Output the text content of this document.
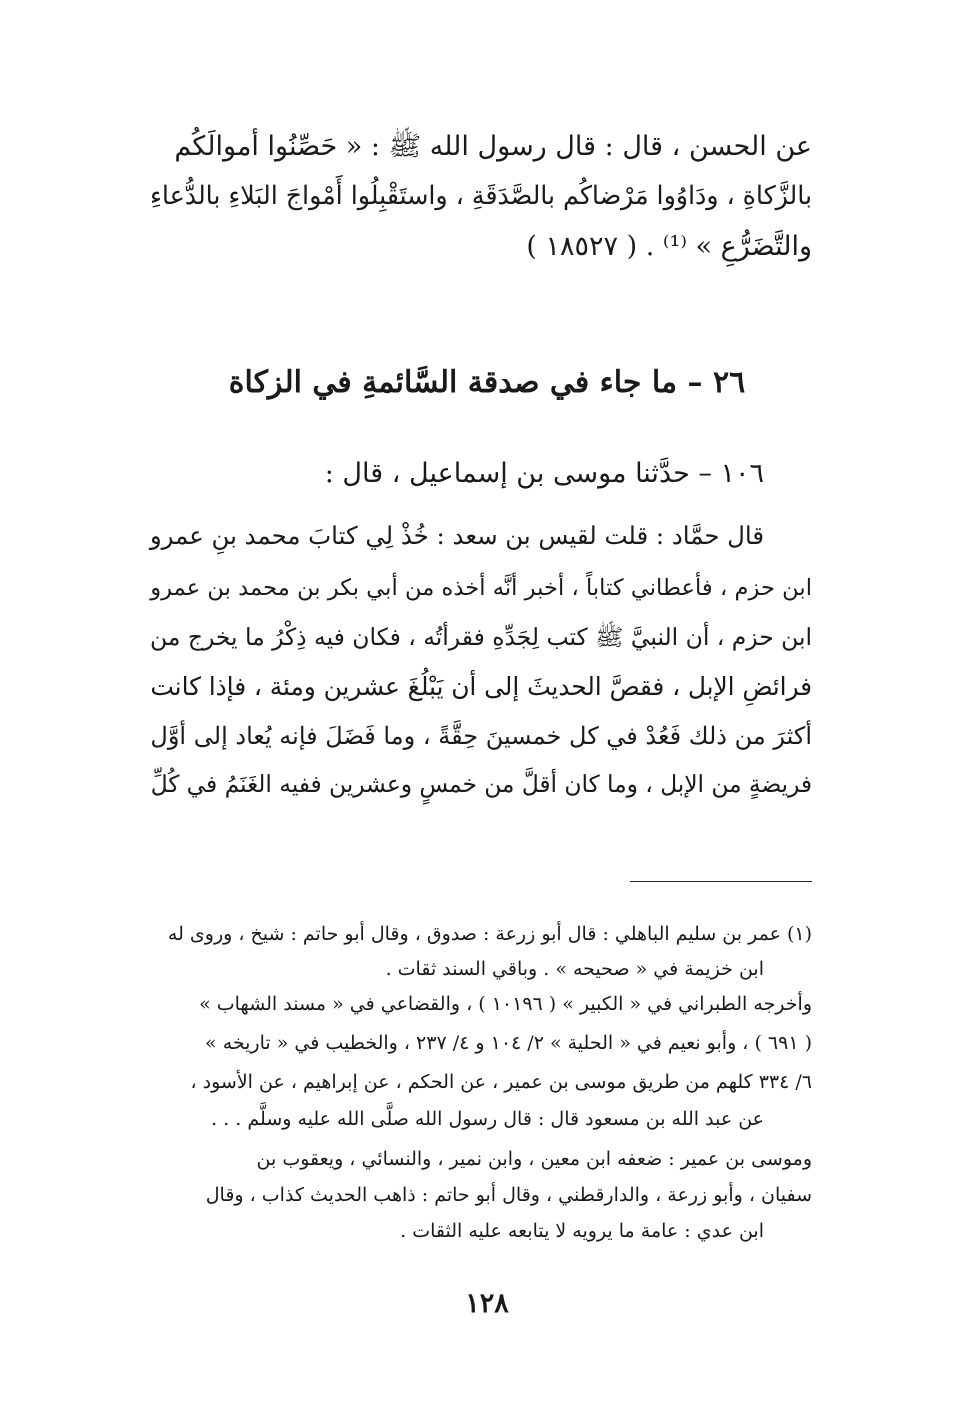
عن الحسن ، قال : قال رسول الله ﷺ : « حَصِّنُوا أموالَكُم
بالزَّكاةِ ، ودَاوُوا مَرْضاكُم بالصَّدَقَةِ ، واستَقْبِلُوا أَمْواجَ البَلاءِ بالدُّعاءِ
والتَّضَرُّعِ » ⁽¹⁾ . ( ١٨٥٢٧ )
٢٦ – ما جاء في صدقة السَّائمةِ في الزكاة
١٠٦ – حدَّثنا موسى بن إسماعيل ، قال :
قال حمَّاد : قلت لقيس بن سعد : خُذْ لِي كتابَ محمد بنِ عمرو
ابن حزم ، فأعطاني كتاباً ، أخبر أنَّه أخذه من أبي بكر بن محمد بن عمرو
ابن حزم ، أن النبيَّ ﷺ كتب لِجَدِّهِ فقرأتُه ، فكان فيه ذِكْرُ ما يخرج من
فرائضِ الإبل ، فقصَّ الحديثَ إلى أن يَبْلُغَ عشرين ومئة ، فإذا كانت
أكثرَ من ذلك فَعُدْ في كل خمسينَ حِقَّةً ، وما فَضَلَ فإنه يُعاد إلى أوَّل
فريضةٍ من الإبل ، وما كان أقلَّ من خمسٍ وعشرين ففيه الغَنَمُ في كُلِّ
(١) عمر بن سليم الباهلي : قال أبو زرعة : صدوق ، وقال أبو حاتم : شيخ ، وروى له
ابن خزيمة في « صحيحه » . وباقي السند ثقات .
وأخرجه الطبراني في « الكبير » ( ١٠١٩٦ ) ، والقضاعي في « مسند الشهاب »
( ٦٩١ ) ، وأبو نعيم في « الحلية » ٢/ ١٠٤ و ٤/ ٢٣٧ ، والخطيب في « تاريخه »
٦/ ٣٣٤ كلهم من طريق موسى بن عمير ، عن الحكم ، عن إبراهيم ، عن الأسود ،
عن عبد الله بن مسعود قال : قال رسول الله صلَّى الله عليه وسلَّم . . .
وموسى بن عمير : ضعفه ابن معين ، وابن نمير ، والنسائي ، ويعقوب بن
سفيان ، وأبو زرعة ، والدارقطني ، وقال أبو حاتم : ذاهب الحديث كذاب ، وقال
ابن عدي : عامة ما يرويه لا يتابعه عليه الثقات .
١٢٨
